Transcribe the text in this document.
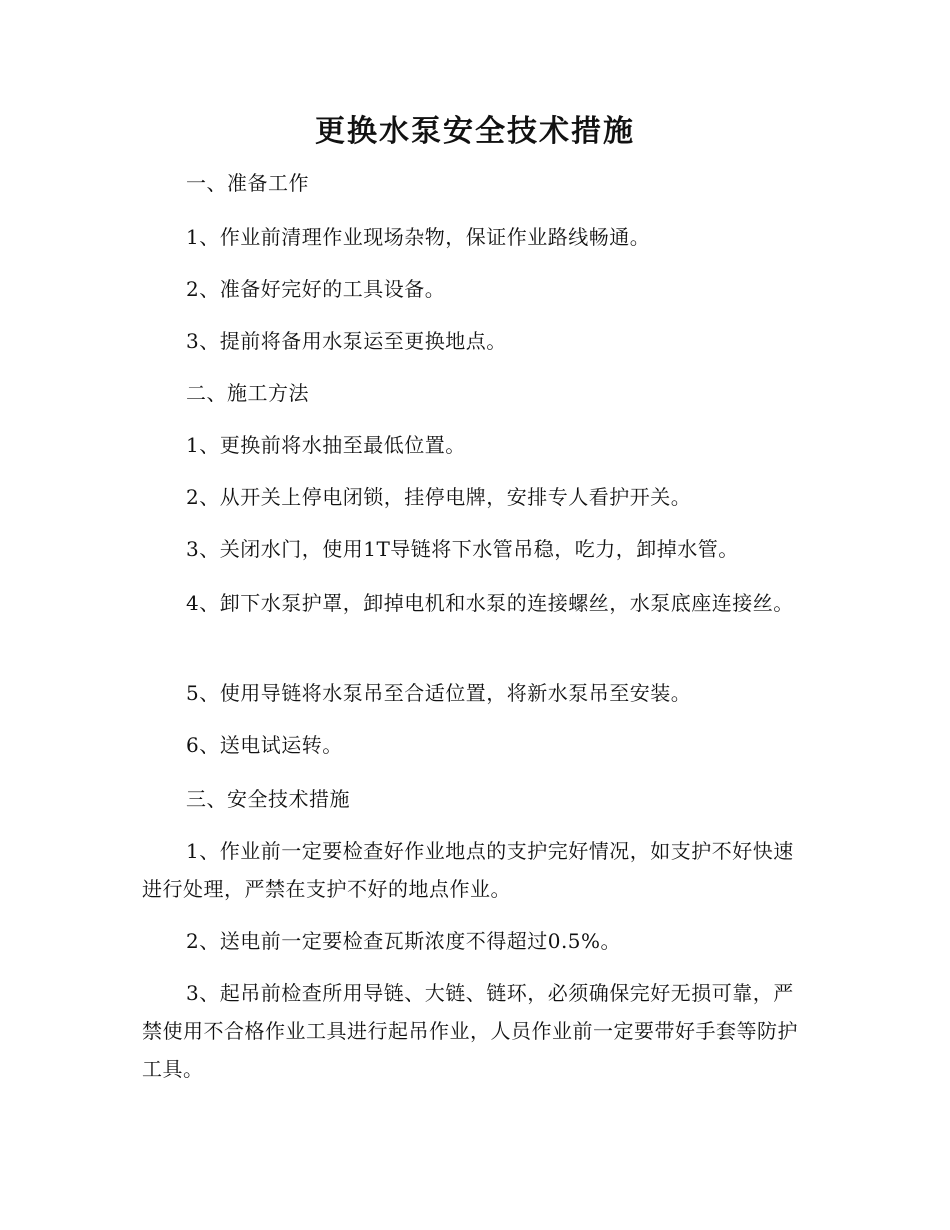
更换水泵安全技术措施
一、准备工作
1、作业前清理作业现场杂物，保证作业路线畅通。
2、准备好完好的工具设备。
3、提前将备用水泵运至更换地点。
二、施工方法
1、更换前将水抽至最低位置。
2、从开关上停电闭锁，挂停电牌，安排专人看护开关。
3、关闭水门，使用1T导链将下水管吊稳，吃力，卸掉水管。
4、卸下水泵护罩，卸掉电机和水泵的连接螺丝，水泵底座连接丝。
5、使用导链将水泵吊至合适位置，将新水泵吊至安装。
6、送电试运转。
三、安全技术措施
1、作业前一定要检查好作业地点的支护完好情况，如支护不好快速进行处理，严禁在支护不好的地点作业。
2、送电前一定要检查瓦斯浓度不得超过0.5%。
3、起吊前检查所用导链、大链、链环，必须确保完好无损可靠，严禁使用不合格作业工具进行起吊作业，人员作业前一定要带好手套等防护工具。
